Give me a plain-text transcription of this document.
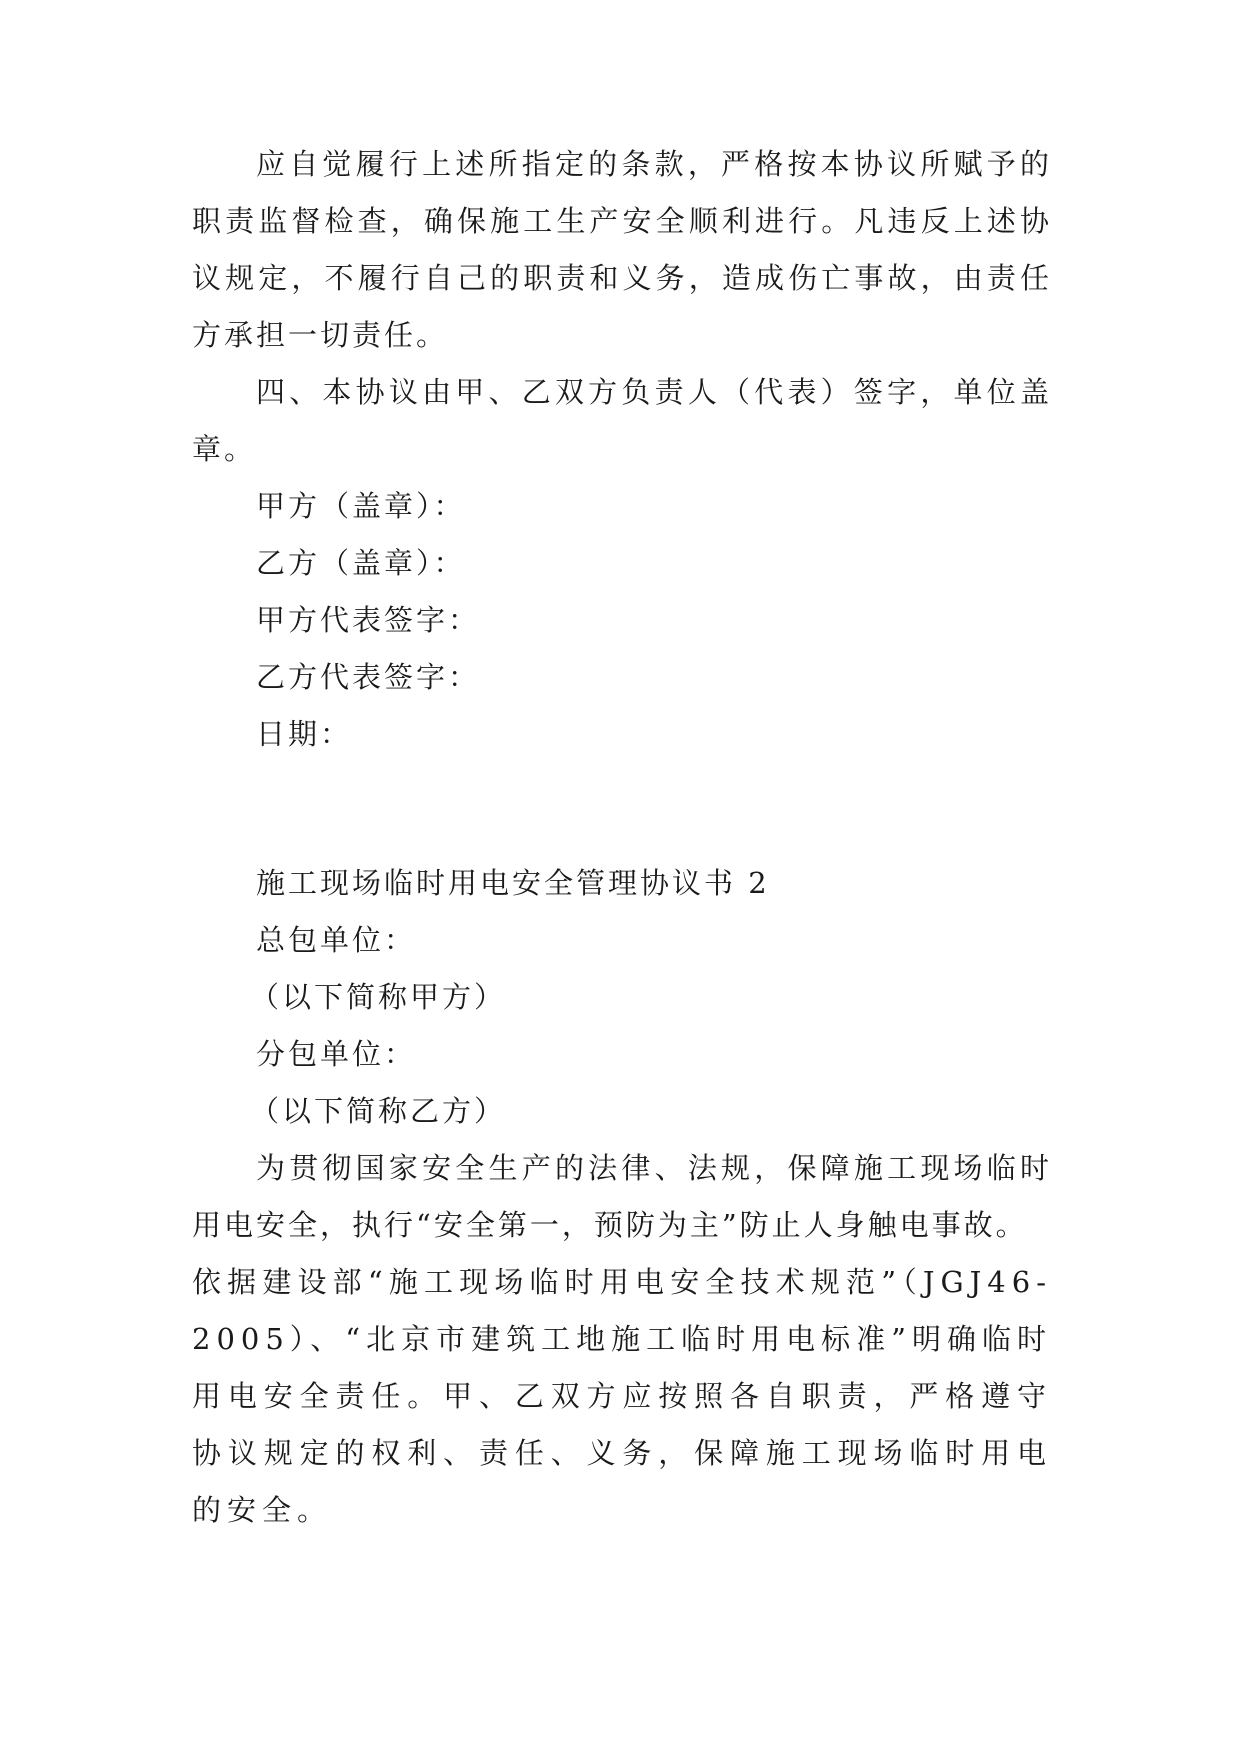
应自觉履行上述所指定的条款，严格按本协议所赋予的职责监督检查，确保施工生产安全顺利进行。凡违反上述协议规定，不履行自己的职责和义务，造成伤亡事故，由责任方承担一切责任。

四、本协议由甲、乙双方负责人（代表）签字，单位盖章。

甲方（盖章）：

乙方（盖章）：

甲方代表签字：

乙方代表签字：

日期：

施工现场临时用电安全管理协议书 2

总包单位：

（以下简称甲方）

分包单位：

（以下简称乙方）

为贯彻国家安全生产的法律、法规，保障施工现场临时用电安全，执行“安全第一，预防为主”防止人身触电事故。

依据建设部“施工现场临时用电安全技术规范”（JGJ46-2005）、“北京市建筑工地施工临时用电标准”明确临时用电安全责任。甲、乙双方应按照各自职责，严格遵守协议规定的权利、责任、义务，保障施工现场临时用电的安全。
